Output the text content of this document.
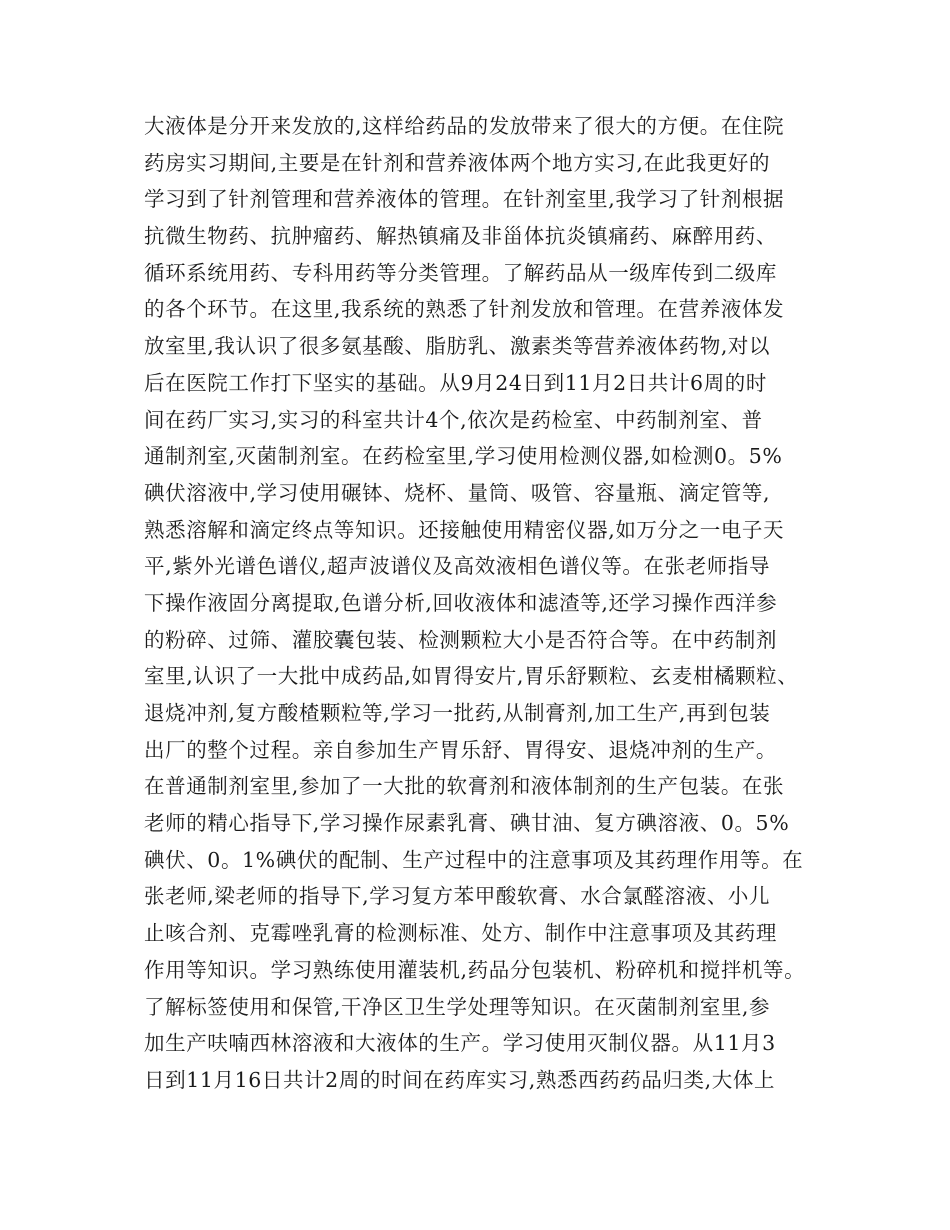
大液体是分开来发放的,这样给药品的发放带来了很大的方便。在住院
药房实习期间,主要是在针剂和营养液体两个地方实习,在此我更好的
学习到了针剂管理和营养液体的管理。在针剂室里,我学习了针剂根据
抗微生物药、抗肿瘤药、解热镇痛及非甾体抗炎镇痛药、麻醉用药、
循环系统用药、专科用药等分类管理。了解药品从一级库传到二级库
的各个环节。在这里,我系统的熟悉了针剂发放和管理。在营养液体发
放室里,我认识了很多氨基酸、脂肪乳、激素类等营养液体药物,对以
后在医院工作打下坚实的基础。从9月24日到11月2日共计6周的时
间在药厂实习,实习的科室共计4个,依次是药检室、中药制剂室、普
通制剂室,灭菌制剂室。在药检室里,学习使用检测仪器,如检测0。5%
碘伏溶液中,学习使用碾钵、烧杯、量筒、吸管、容量瓶、滴定管等,
熟悉溶解和滴定终点等知识。还接触使用精密仪器,如万分之一电子天
平,紫外光谱色谱仪,超声波谱仪及高效液相色谱仪等。在张老师指导
下操作液固分离提取,色谱分析,回收液体和滤渣等,还学习操作西洋参
的粉碎、过筛、灌胶囊包装、检测颗粒大小是否符合等。在中药制剂
室里,认识了一大批中成药品,如胃得安片,胃乐舒颗粒、玄麦柑橘颗粒、
退烧冲剂,复方酸楂颗粒等,学习一批药,从制膏剂,加工生产,再到包装
出厂的整个过程。亲自参加生产胃乐舒、胃得安、退烧冲剂的生产。
在普通制剂室里,参加了一大批的软膏剂和液体制剂的生产包装。在张
老师的精心指导下,学习操作尿素乳膏、碘甘油、复方碘溶液、0。5%
碘伏、0。1%碘伏的配制、生产过程中的注意事项及其药理作用等。在
张老师,梁老师的指导下,学习复方苯甲酸软膏、水合氯醛溶液、小儿
止咳合剂、克霉唑乳膏的检测标准、处方、制作中注意事项及其药理
作用等知识。学习熟练使用灌装机,药品分包装机、粉碎机和搅拌机等。
了解标签使用和保管,干净区卫生学处理等知识。在灭菌制剂室里,参
加生产呋喃西林溶液和大液体的生产。学习使用灭制仪器。从11月3
日到11月16日共计2周的时间在药库实习,熟悉西药药品归类,大体上
